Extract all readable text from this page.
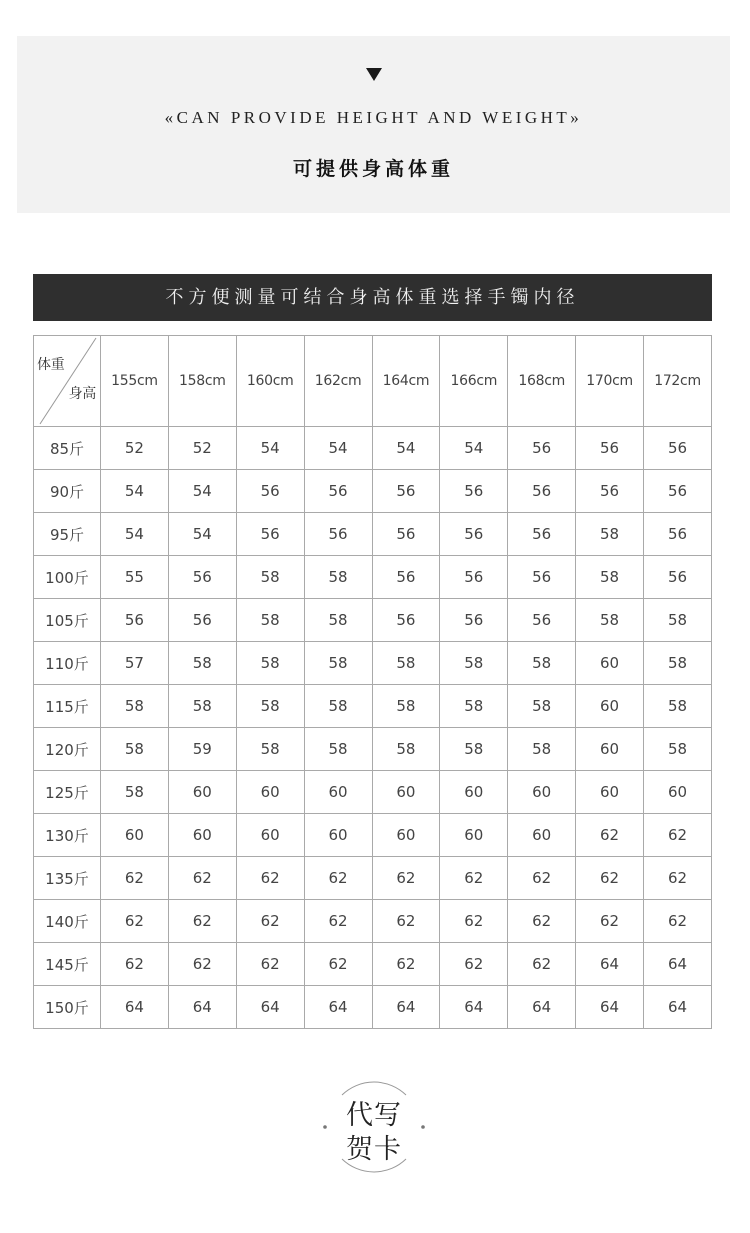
«CAN PROVIDE HEIGHT AND WEIGHT»
可提供身高体重
不方便测量可结合身高体重选择手镯内径
体重
身高	155cm	158cm	160cm	162cm	164cm	166cm	168cm	170cm	172cm
85斤	52	52	54	54	54	54	56	56	56
90斤	54	54	56	56	56	56	56	56	56
95斤	54	54	56	56	56	56	56	58	56
100斤	55	56	58	58	56	56	56	58	56
105斤	56	56	58	58	56	56	56	58	58
110斤	57	58	58	58	58	58	58	60	58
115斤	58	58	58	58	58	58	58	60	58
120斤	58	59	58	58	58	58	58	60	58
125斤	58	60	60	60	60	60	60	60	60
130斤	60	60	60	60	60	60	60	62	62
135斤	62	62	62	62	62	62	62	62	62
140斤	62	62	62	62	62	62	62	62	62
145斤	62	62	62	62	62	62	62	64	64
150斤	64	64	64	64	64	64	64	64	64
代写
贺卡
